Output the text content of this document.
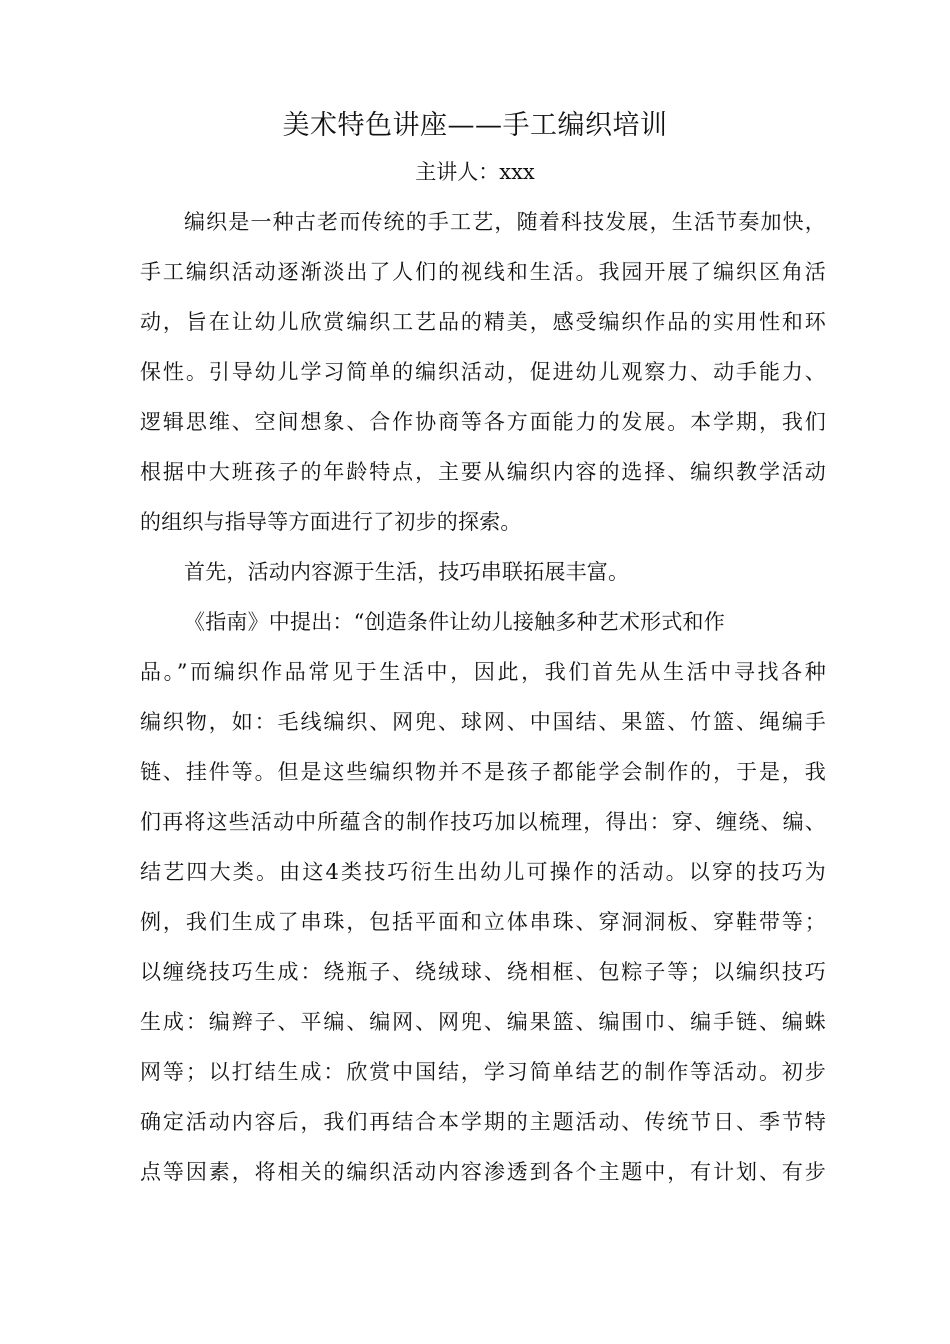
美术特色讲座——手工编织培训

主讲人：xxx

编织是一种古老而传统的手工艺，随着科技发展，生活节奏加快，
手工编织活动逐渐淡出了人们的视线和生活。我园开展了编织区角活
动，旨在让幼儿欣赏编织工艺品的精美，感受编织作品的实用性和环
保性。引导幼儿学习简单的编织活动，促进幼儿观察力、动手能力、
逻辑思维、空间想象、合作协商等各方面能力的发展。本学期，我们
根据中大班孩子的年龄特点，主要从编织内容的选择、编织教学活动
的组织与指导等方面进行了初步的探索。
首先，活动内容源于生活，技巧串联拓展丰富。
《指南》中提出：“创造条件让幼儿接触多种艺术形式和作
品。”而编织作品常见于生活中，因此，我们首先从生活中寻找各种
编织物，如：毛线编织、网兜、球网、中国结、果篮、竹篮、绳编手
链、挂件等。但是这些编织物并不是孩子都能学会制作的，于是，我
们再将这些活动中所蕴含的制作技巧加以梳理，得出：穿、缠绕、编、
结艺四大类。由这4类技巧衍生出幼儿可操作的活动。以穿的技巧为
例，我们生成了串珠，包括平面和立体串珠、穿洞洞板、穿鞋带等；
以缠绕技巧生成：绕瓶子、绕绒球、绕相框、包粽子等；以编织技巧
生成：编辫子、平编、编网、网兜、编果篮、编围巾、编手链、编蛛
网等；以打结生成：欣赏中国结，学习简单结艺的制作等活动。初步
确定活动内容后，我们再结合本学期的主题活动、传统节日、季节特
点等因素，将相关的编织活动内容渗透到各个主题中，有计划、有步
